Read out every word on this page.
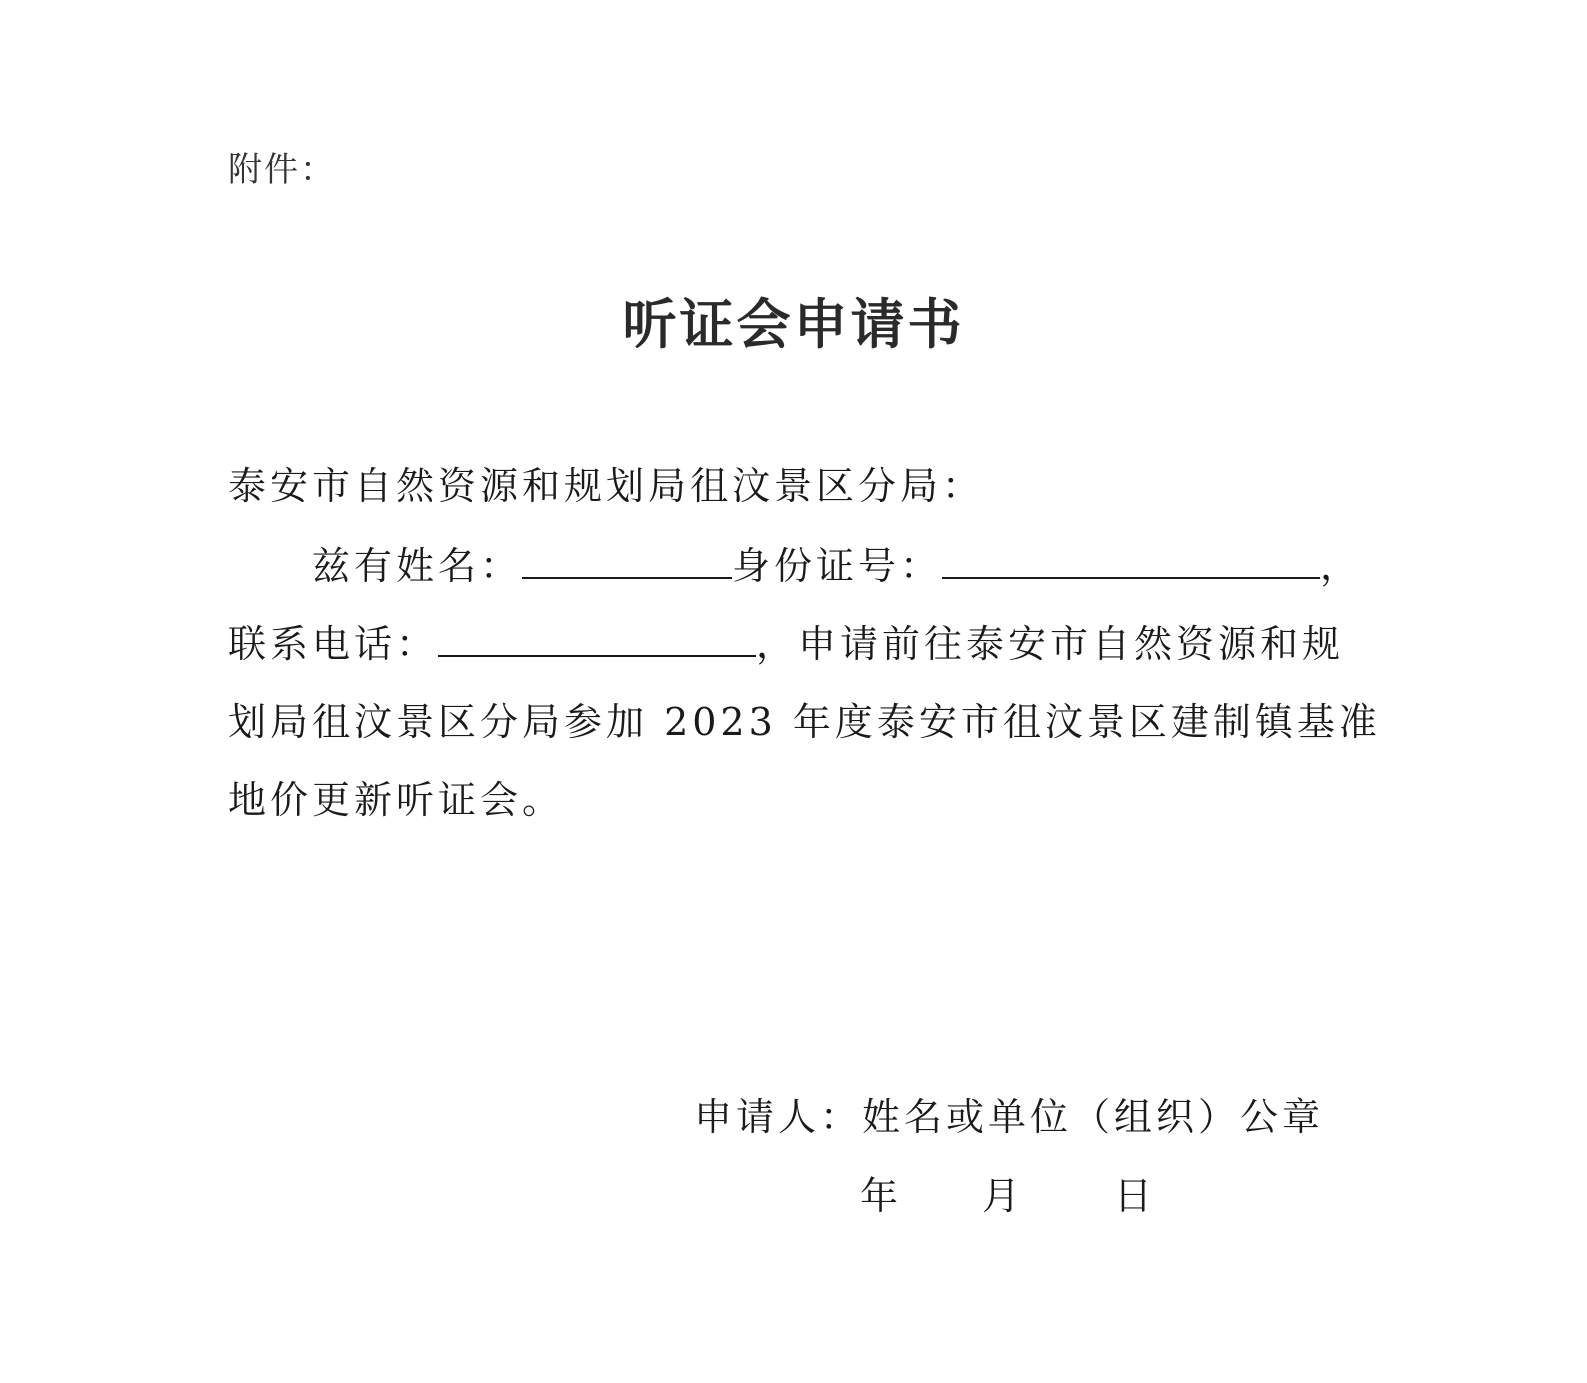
附件：
听证会申请书
泰安市自然资源和规划局徂汶景区分局：
兹有姓名：	身份证号：	，
联系电话：	，申请前往泰安市自然资源和规
划局徂汶景区分局参加 2023 年度泰安市徂汶景区建制镇基准
地价更新听证会。
申请人：姓名或单位（组织）公章
年 月 日
